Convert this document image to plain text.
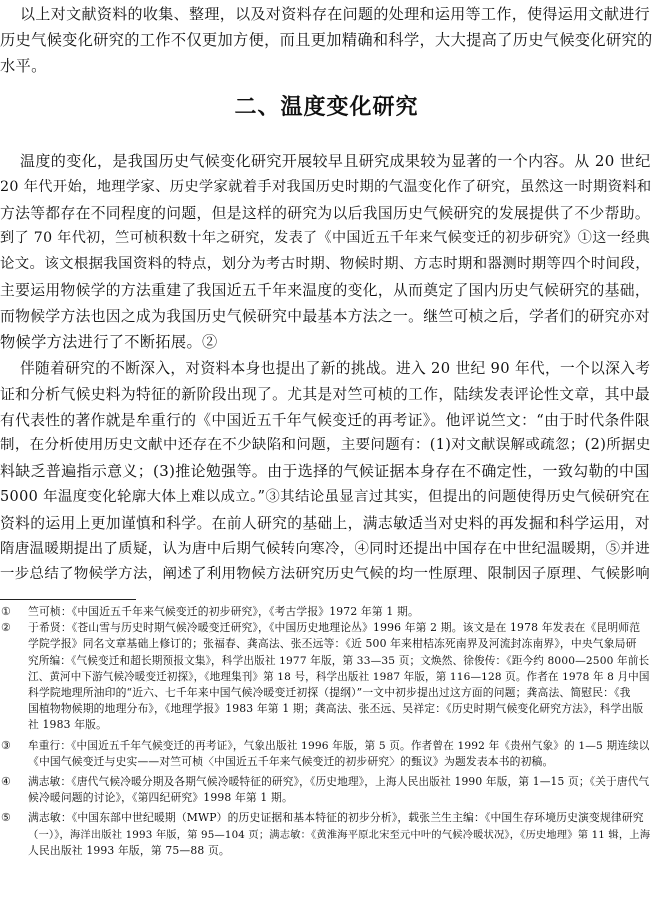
以上对文献资料的收集、整理，以及对资料存在问题的处理和运用等工作，使得运用文献进行
历史气候变化研究的工作不仅更加方便，而且更加精确和科学，大大提高了历史气候变化研究的
水平。
二、温度变化研究
温度的变化，是我国历史气候变化研究开展较早且研究成果较为显著的一个内容。从 20 世纪
20 年代开始，地理学家、历史学家就着手对我国历史时期的气温变化作了研究，虽然这一时期资料和
方法等都存在不同程度的问题，但是这样的研究为以后我国历史气候研究的发展提供了不少帮助。
到了 70 年代初，竺可桢积数十年之研究，发表了《中国近五千年来气候变迁的初步研究》①这一经典
论文。该文根据我国资料的特点，划分为考古时期、物候时期、方志时期和器测时期等四个时间段，
主要运用物候学的方法重建了我国近五千年来温度的变化，从而奠定了国内历史气候研究的基础，
而物候学方法也因之成为我国历史气候研究中最基本方法之一。继竺可桢之后，学者们的研究亦对
物候学方法进行了不断拓展。②
伴随着研究的不断深入，对资料本身也提出了新的挑战。进入 20 世纪 90 年代，一个以深入考
证和分析气候史料为特征的新阶段出现了。尤其是对竺可桢的工作，陆续发表评论性文章，其中最
有代表性的著作就是牟重行的《中国近五千年气候变迁的再考证》。他评说竺文：“由于时代条件限
制，在分析使用历史文献中还存在不少缺陷和问题，主要问题有：(1)对文献误解或疏忽；(2)所据史
料缺乏普遍指示意义；(3)推论勉强等。由于选择的气候证据本身存在不确定性，一致勾勒的中国
5000 年温度变化轮廓大体上难以成立。”③其结论虽显言过其实，但提出的问题使得历史气候研究在
资料的运用上更加谨慎和科学。在前人研究的基础上，满志敏适当对史料的再发掘和科学运用，对
隋唐温暖期提出了质疑，认为唐中后期气候转向寒冷，④同时还提出中国存在中世纪温暖期，⑤并进
一步总结了物候学方法，阐述了利用物候方法研究历史气候的均一性原理、限制因子原理、气候影响
① 竺可桢：《中国近五千年来气候变迁的初步研究》，《考古学报》1972 年第 1 期。
② 于希贤：《苍山雪与历史时期气候冷暖变迁研究》，《中国历史地理论丛》1996 年第 2 期。该文是在 1978 年发表在《昆明师范
学院学报》同名文章基础上修订的；张福春、龚高法、张丕远等：《近 500 年来柑桔冻死南界及河流封冻南界》，中央气象局研
究所编：《气候变迁和超长期预报文集》，科学出版社 1977 年版，第 33—35 页；文焕然、徐俊传：《距今约 8000—2500 年前长
江、黄河中下游气候冷暖变迁初探》，《地理集刊》第 18 号，科学出版社 1987 年版，第 116—128 页。作者在 1978 年 8 月中国
科学院地理所油印的“近六、七千年来中国气候冷暖变迁初探（提纲）”一文中初步提出过这方面的问题；龚高法、简慰民：《我
国植物物候期的地理分布》，《地理学报》1983 年第 1 期；龚高法、张丕远、吴祥定：《历史时期气候变化研究方法》，科学出版
社 1983 年版。
③ 牟重行：《中国近五千年气候变迁的再考证》，气象出版社 1996 年版，第 5 页。作者曾在 1992 年《贵州气象》的 1—5 期连续以
《中国气候变迁与史实——对竺可桢〈中国近五千年来气候变迁的初步研究〉的甄议》为题发表本书的初稿。
④ 满志敏：《唐代气候冷暖分期及各期气候冷暖特征的研究》，《历史地理》，上海人民出版社 1990 年版，第 1—15 页；《关于唐代气
候冷暖问题的讨论》，《第四纪研究》1998 年第 1 期。
⑤ 满志敏：《中国东部中世纪暖期（MWP）的历史证据和基本特征的初步分析》，载张兰生主编：《中国生存环境历史演变规律研究
（一）》，海洋出版社 1993 年版，第 95—104 页；满志敏：《黄淮海平原北宋至元中叶的气候冷暖状况》，《历史地理》第 11 辑，上海
人民出版社 1993 年版，第 75—88 页。
